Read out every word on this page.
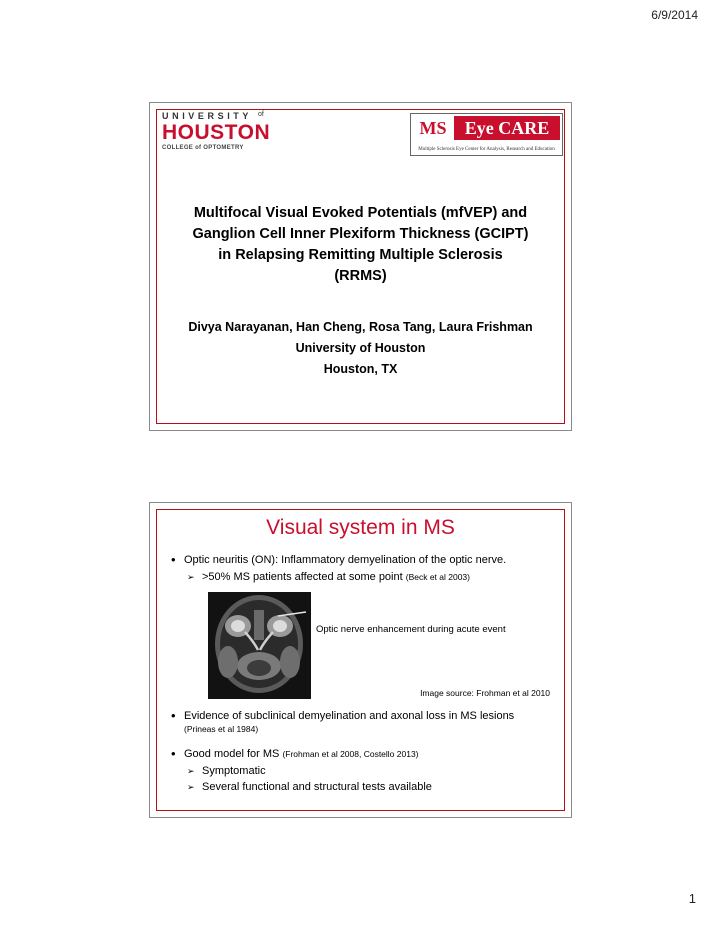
6/9/2014
UNIVERSITY $^{of}$
HOUSTON
COLLEGE of OPTOMETRY
MS	Eye CARE
Multiple Sclerosis Eye Center for Analysis, Research and Education
Multifocal Visual Evoked Potentials (mfVEP) and
Ganglion Cell Inner Plexiform Thickness (GCIPT)
in Relapsing Remitting Multiple Sclerosis
(RRMS)
Divya Narayanan, Han Cheng, Rosa Tang, Laura Frishman
University of Houston
Houston, TX
Visual system in MS
• Optic neuritis (ON): Inflammatory demyelination of the optic nerve.
➢ >50% MS patients affected at some point (Beck et al 2003)
Optic nerve enhancement during acute event
Image source: Frohman et al 2010
• Evidence of subclinical demyelination and axonal loss in MS lesions
(Prineas et al 1984)
• Good model for MS (Frohman et al 2008, Costello 2013)
➢ Symptomatic
➢ Several functional and structural tests available
1
